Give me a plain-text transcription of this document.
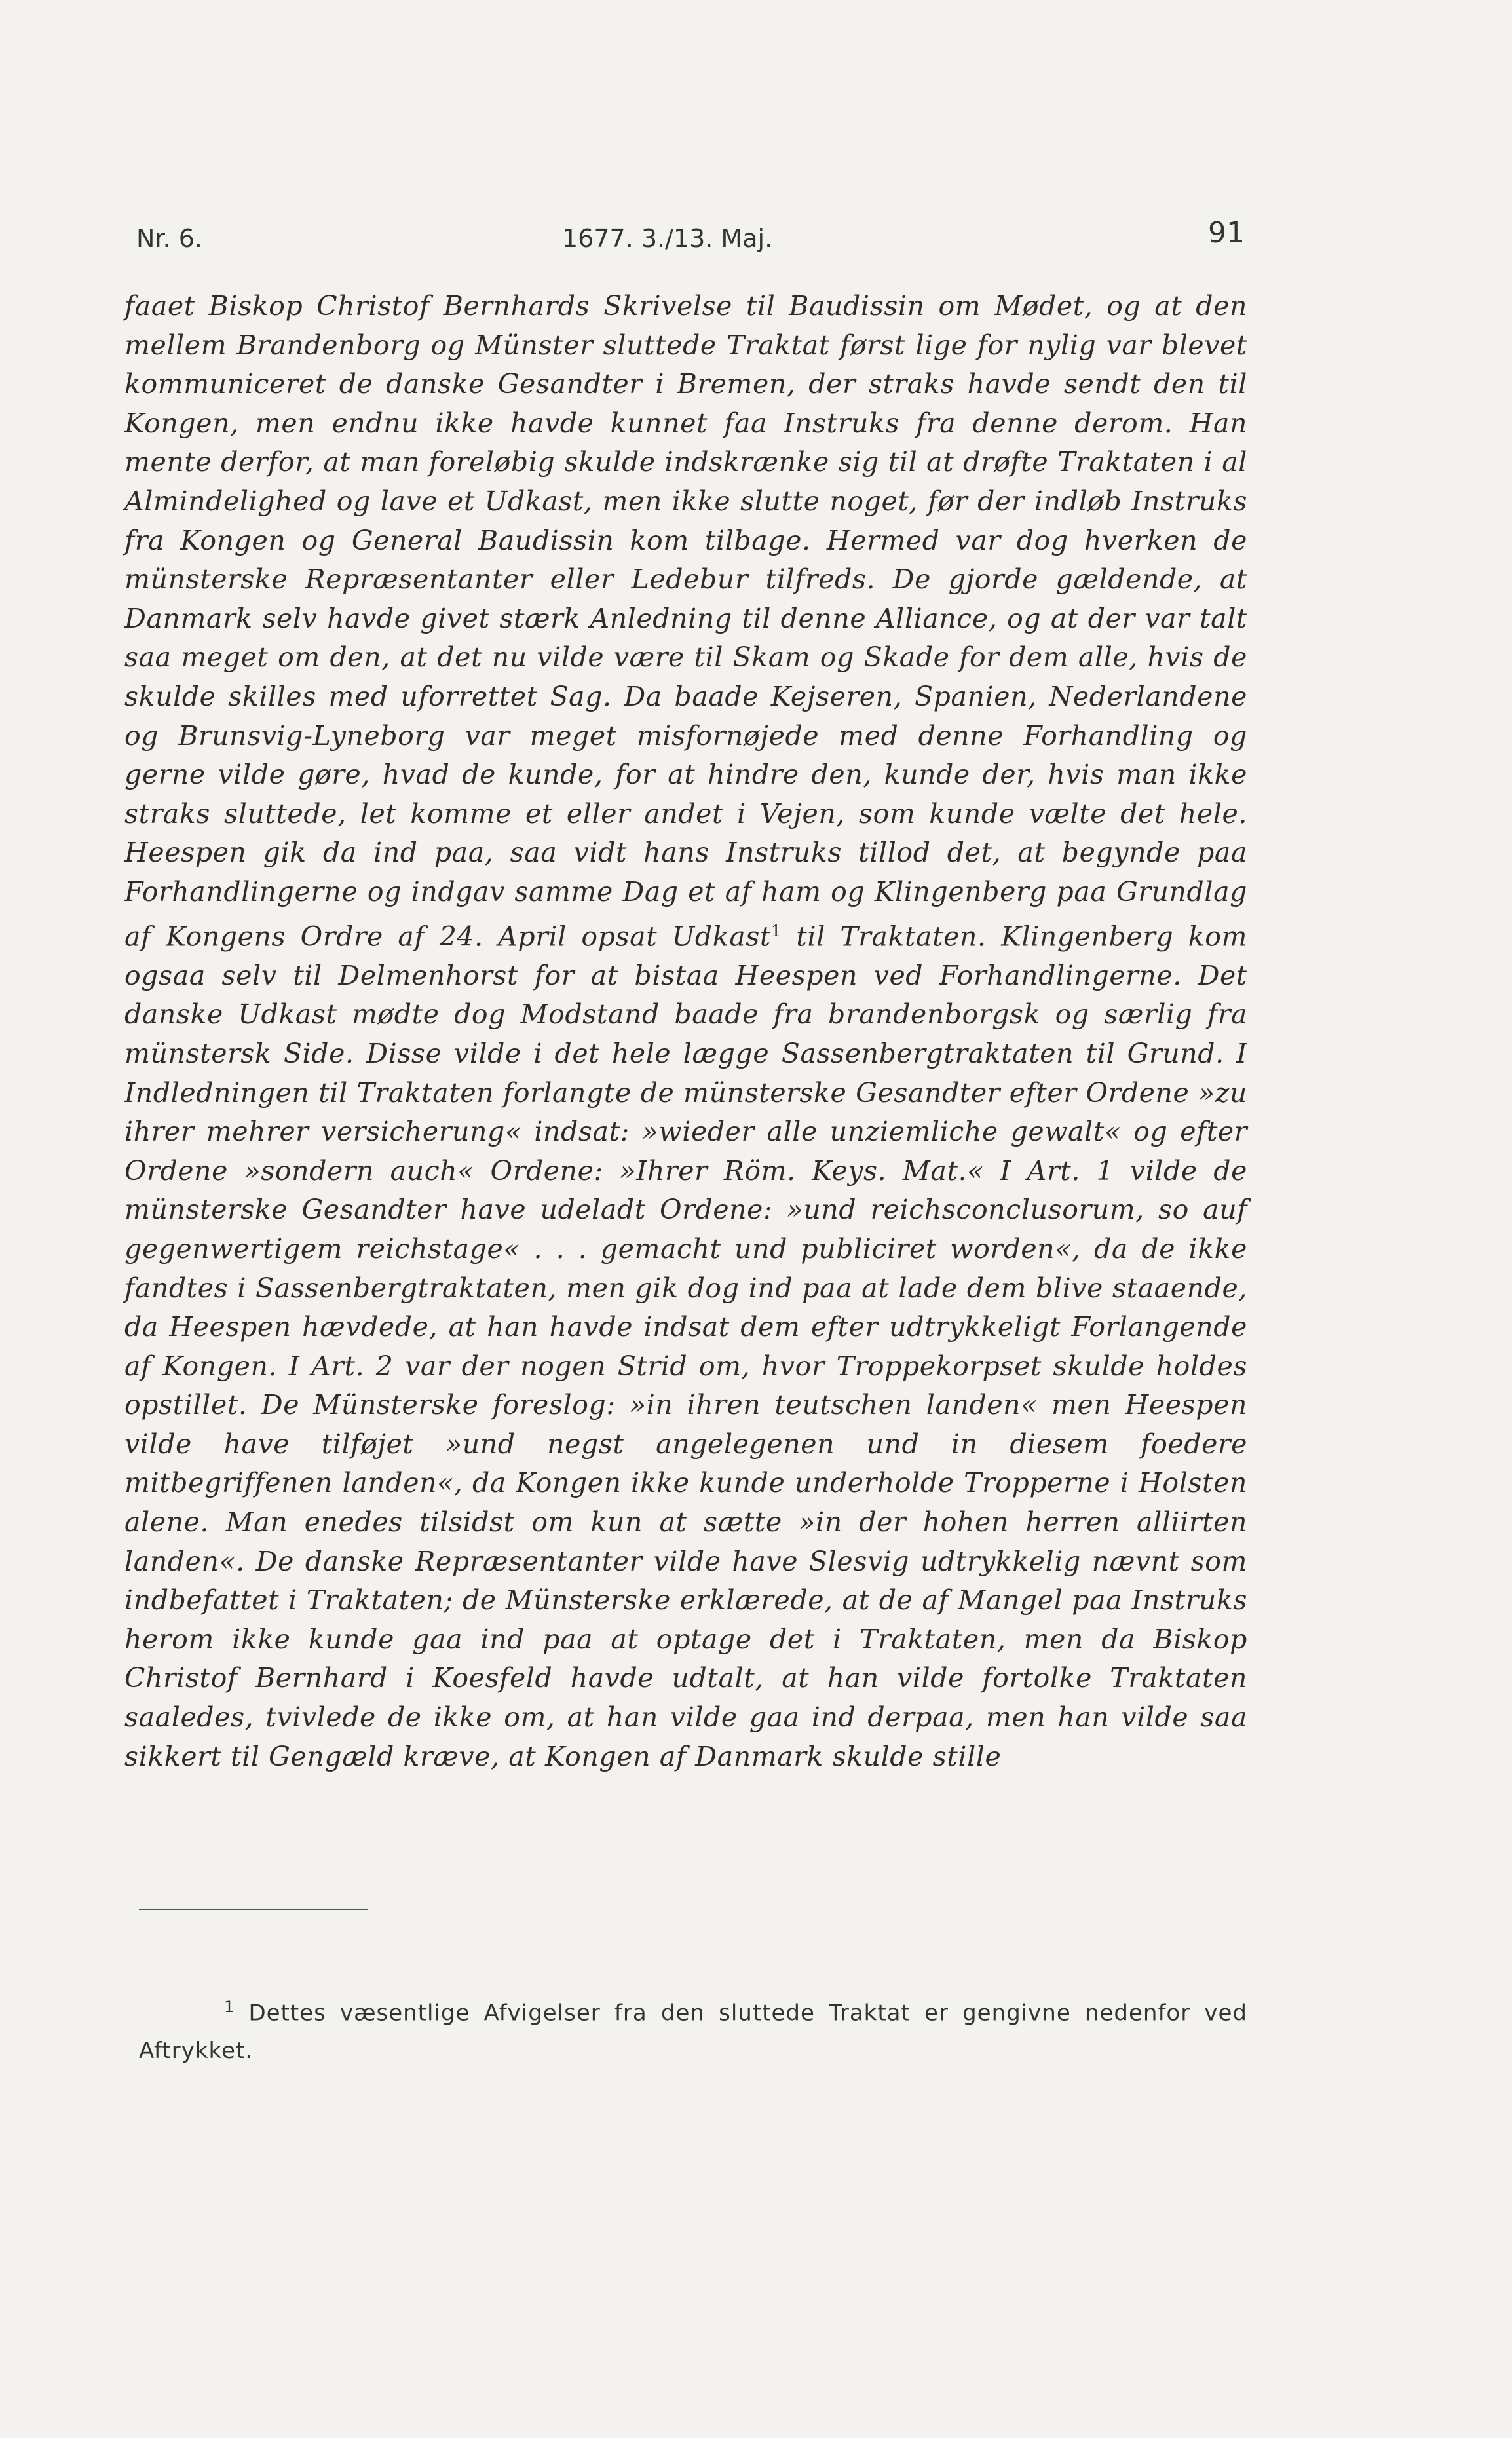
Nr. 6.	1677. 3./13. Maj.	91

faaet Biskop Christof Bernhards Skrivelse til Baudissin om Mødet, og at den mellem Brandenborg og Münster sluttede Traktat først lige for nylig var blevet kommuniceret de danske Gesandter i Bremen, der straks havde sendt den til Kongen, men endnu ikke havde kunnet faa Instruks fra denne derom. Han mente derfor, at man foreløbig skulde indskrænke sig til at drøfte Traktaten i al Almindelighed og lave et Udkast, men ikke slutte noget, før der indløb Instruks fra Kongen og General Baudissin kom tilbage. Hermed var dog hverken de münsterske Repræsentanter eller Ledebur tilfreds. De gjorde gældende, at Danmark selv havde givet stærk Anledning til denne Alliance, og at der var talt saa meget om den, at det nu vilde være til Skam og Skade for dem alle, hvis de skulde skilles med uforrettet Sag. Da baade Kejseren, Spanien, Nederlandene og Brunsvig-Lyneborg var meget misfornøjede med denne Forhandling og gerne vilde gøre, hvad de kunde, for at hindre den, kunde der, hvis man ikke straks sluttede, let komme et eller andet i Vejen, som kunde vælte det hele. Heespen gik da ind paa, saa vidt hans Instruks tillod det, at begynde paa Forhandlingerne og indgav samme Dag et af ham og Klingenberg paa Grundlag af Kongens Ordre af 24. April opsat Udkast$^1$ til Traktaten. Klingenberg kom ogsaa selv til Delmenhorst for at bistaa Heespen ved Forhandlingerne. Det danske Udkast mødte dog Modstand baade fra brandenborgsk og særlig fra münstersk Side. Disse vilde i det hele lægge Sassenbergtraktaten til Grund. I Indledningen til Traktaten forlangte de münsterske Gesandter efter Ordene »zu ihrer mehrer versicherung« indsat: »wieder alle unziemliche gewalt« og efter Ordene »sondern auch« Ordene: »Ihrer Röm. Keys. Mat.« I Art. 1 vilde de münsterske Gesandter have udeladt Ordene: »und reichsconclusorum, so auf gegenwertigem reichstage« . . . gemacht und publiciret worden«, da de ikke fandtes i Sassenbergtraktaten, men gik dog ind paa at lade dem blive staaende, da Heespen hævdede, at han havde indsat dem efter udtrykkeligt Forlangende af Kongen. I Art. 2 var der nogen Strid om, hvor Troppekorpset skulde holdes opstillet. De Münsterske foreslog: »in ihren teutschen landen« men Heespen vilde have tilføjet »und negst angelegenen und in diesem foedere mitbegriffenen landen«, da Kongen ikke kunde underholde Tropperne i Holsten alene. Man enedes tilsidst om kun at sætte »in der hohen herren alliirten landen«. De danske Repræsentanter vilde have Slesvig udtrykkelig nævnt som indbefattet i Traktaten; de Münsterske erklærede, at de af Mangel paa Instruks herom ikke kunde gaa ind paa at optage det i Traktaten, men da Biskop Christof Bernhard i Koesfeld havde udtalt, at han vilde fortolke Traktaten saaledes, tvivlede de ikke om, at han vilde gaa ind derpaa, men han vilde saa sikkert til Gengæld kræve, at Kongen af Danmark skulde stille

$^1$ Dettes væsentlige Afvigelser fra den sluttede Traktat er gengivne nedenfor ved Aftrykket.
